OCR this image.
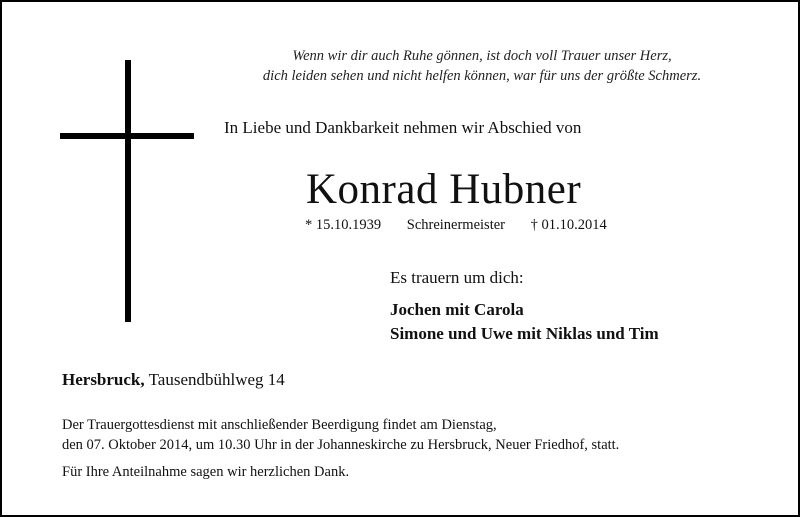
Wenn wir dir auch Ruhe gönnen, ist doch voll Trauer unser Herz,
dich leiden sehen und nicht helfen können, war für uns der größte Schmerz.
In Liebe und Dankbarkeit nehmen wir Abschied von
Konrad Hubner
* 15.10.1939 Schreinermeister † 01.10.2014
Es trauern um dich:
Jochen mit Carola
Simone und Uwe mit Niklas und Tim
Hersbruck, Tausendbühlweg 14
Der Trauergottesdienst mit anschließender Beerdigung findet am Dienstag,
den 07. Oktober 2014, um 10.30 Uhr in der Johanneskirche zu Hersbruck, Neuer Friedhof, statt.
Für Ihre Anteilnahme sagen wir herzlichen Dank.
